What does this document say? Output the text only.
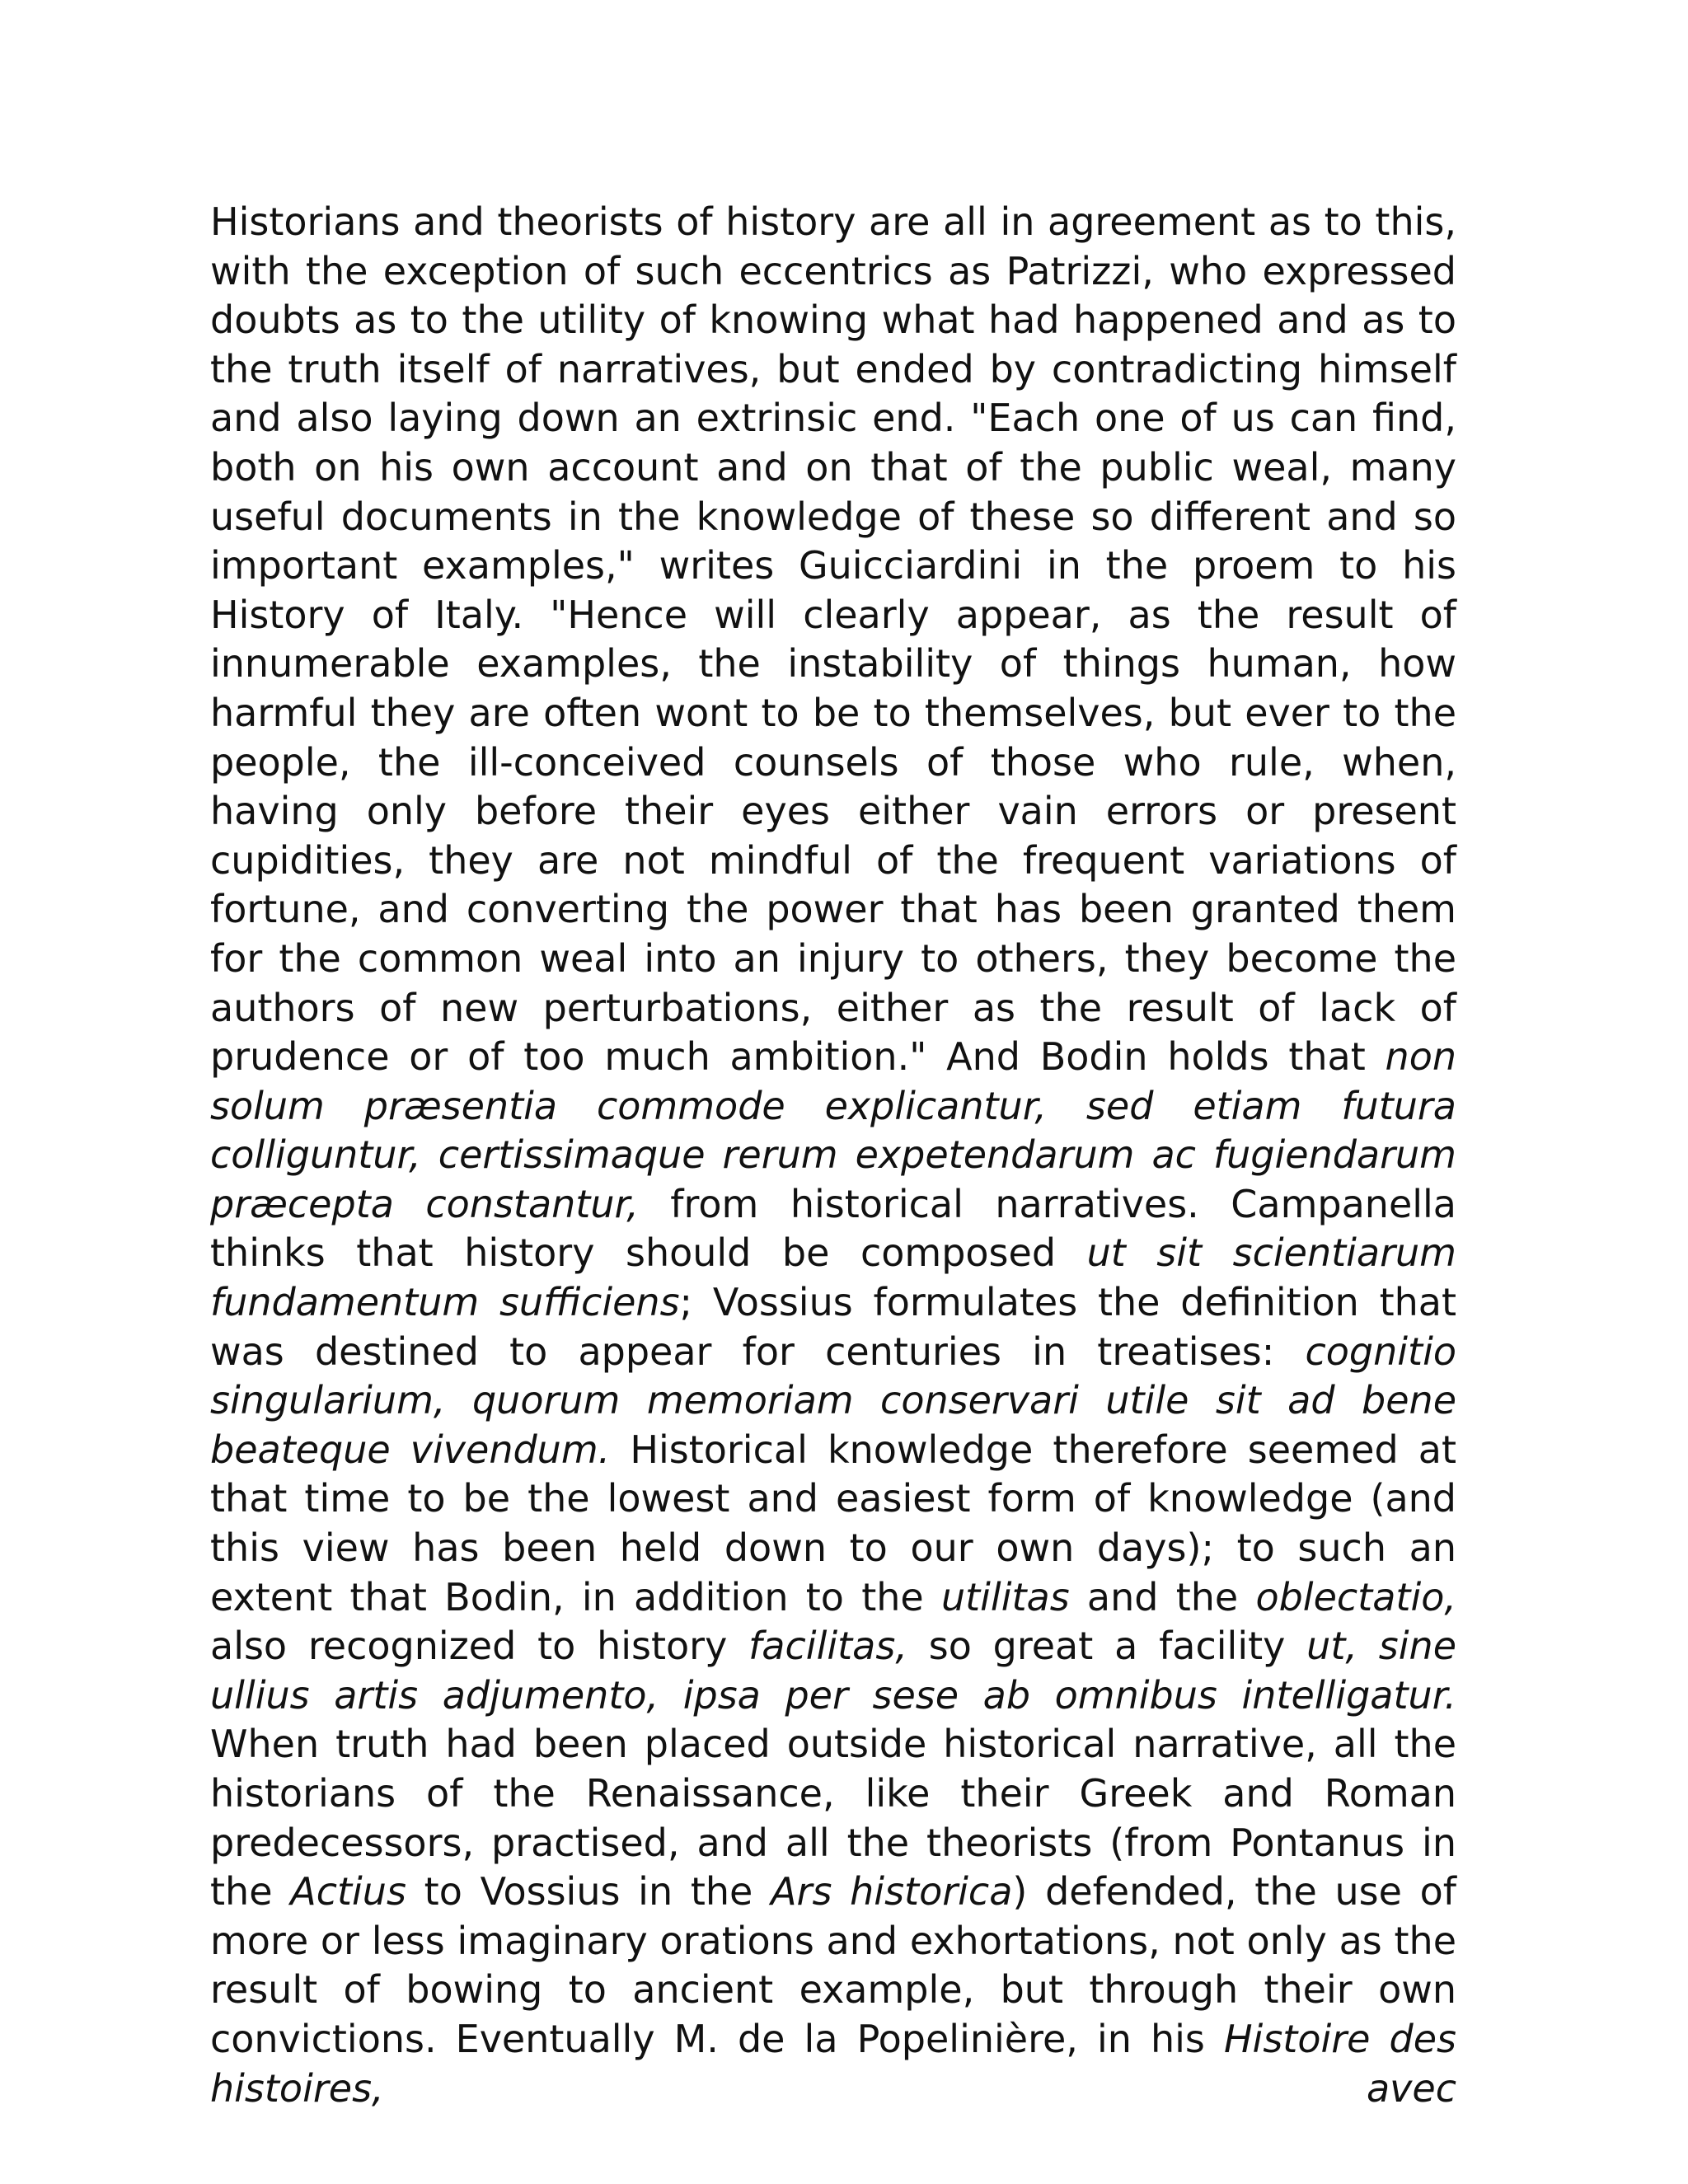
Historians and theorists of history are all in agreement as to this, with the exception of such eccentrics as Patrizzi, who expressed doubts as to the utility of knowing what had happened and as to the truth itself of narratives, but ended by contradicting himself and also laying down an extrinsic end. "Each one of us can find, both on his own account and on that of the public weal, many useful documents in the knowledge of these so different and so important examples," writes Guicciardini in the proem to his History of Italy. "Hence will clearly appear, as the result of innumerable examples, the instability of things human, how harmful they are often wont to be to themselves, but ever to the people, the ill-conceived counsels of those who rule, when, having only before their eyes either vain errors or present cupidities, they are not mindful of the frequent variations of fortune, and converting the power that has been granted them for the common weal into an injury to others, they become the authors of new perturbations, either as the result of lack of prudence or of too much ambition." And Bodin holds that non solum præsentia commode explicantur, sed etiam futura colliguntur, certissimaque rerum expetendarum ac fugiendarum præcepta constantur, from historical narratives. Campanella thinks that history should be composed ut sit scientiarum fundamentum sufficiens; Vossius formulates the definition that was destined to appear for centuries in treatises: cognitio singularium, quorum memoriam conservari utile sit ad bene beateque vivendum. Historical knowledge therefore seemed at that time to be the lowest and easiest form of knowledge (and this view has been held down to our own days); to such an extent that Bodin, in addition to the utilitas and the oblectatio, also recognized to history facilitas, so great a facility ut, sine ullius artis adjumento, ipsa per sese ab omnibus intelligatur. When truth had been placed outside historical narrative, all the historians of the Renaissance, like their Greek and Roman predecessors, practised, and all the theorists (from Pontanus in the Actius to Vossius in the Ars historica) defended, the use of more or less imaginary orations and exhortations, not only as the result of bowing to ancient example, but through their own convictions. Eventually M. de la Popelinière, in his Histoire des histoires, avec
